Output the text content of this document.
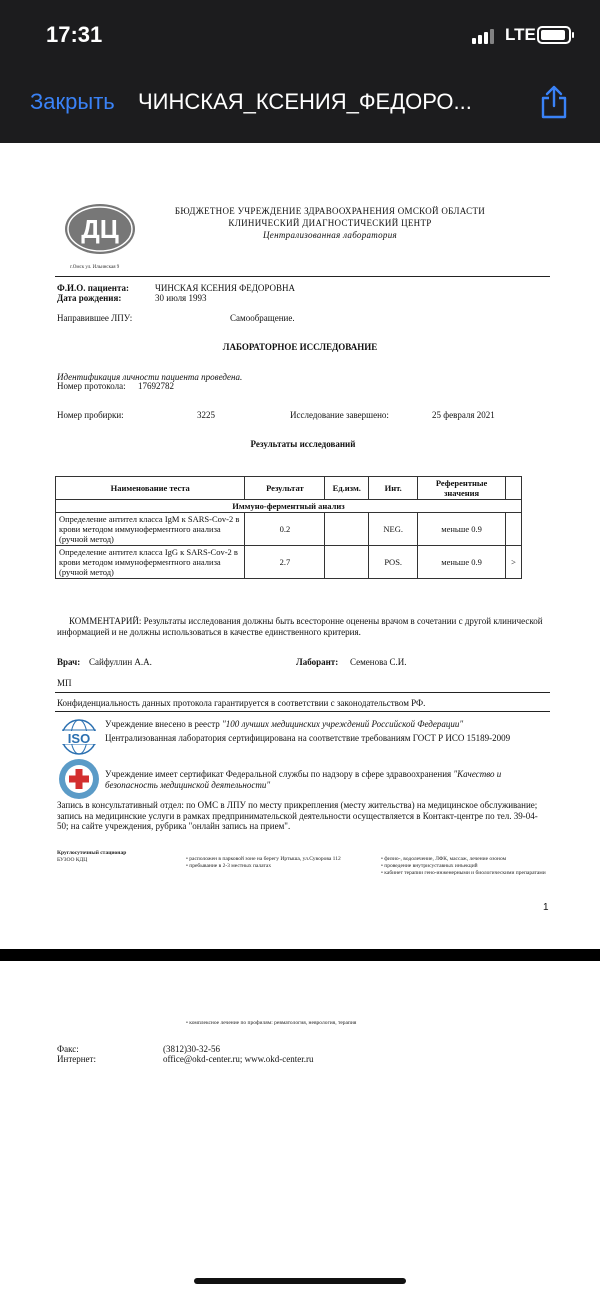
17:31	LTE
Закрыть ЧИНСКАЯ_КСЕНИЯ_ФЕДОРО...
ДЦ
г.Омск ул. Ильинская 9
БЮДЖЕТНОЕ УЧРЕЖДЕНИЕ ЗДРАВООХРАНЕНИЯ ОМСКОЙ ОБЛАСТИ
КЛИНИЧЕСКИЙ ДИАГНОСТИЧЕСКИЙ ЦЕНТР
Централизованная лаборатория
Ф.И.О. пациента:	ЧИНСКАЯ КСЕНИЯ ФЕДОРОВНА
Дата рождения:	30 июля 1993
Направившее ЛПУ:	Самообращение.
ЛАБОРАТОРНОЕ ИССЛЕДОВАНИЕ
Идентификация личности пациента проведена.
Номер протокола: 17692782
Номер пробирки:	3225	Исследование завершено:	25 февраля 2021
Результаты исследований
Наименование теста	Результат	Ед.изм.	Инт.	Референтные значения	
Иммуно-ферментный анализ					
Определение антител класса IgM к SARS-Cov-2 в крови методом иммуноферментного анализа (ручной метод)	0.2		NEG.	меньше 0.9	
Определение антител класса IgG к SARS-Cov-2 в крови методом иммуноферментного анализа (ручной метод)	2.7		POS.	меньше 0.9	>
КОММЕНТАРИЙ: Результаты исследования должны быть всесторонне оценены врачом в сочетании с другой клинической информацией и не должны использоваться в качестве единственного критерия.
Врач: Сайфуллин А.А.	Лаборант: Семенова С.И.
МП
Конфиденциальность данных протокола гарантируется в соответствии с законодательством РФ.
ISO
Учреждение внесено в реестр "100 лучших медицинских учреждений Российской Федерации"
Централизованная лаборатория сертифицирована на соответствие требованиям ГОСТ Р ИСО 15189-2009
Учреждение имеет сертификат Федеральной службы по надзору в сфере здравоохранения "Качество и безопасность медицинской деятельности"
Запись в консультативный отдел: по ОМС в ЛПУ по месту прикрепления (месту жительства) на медицинское обслуживание; запись на медицинские услуги в рамках предпринимательской деятельности осуществляется в Контакт-центре по тел. 39-04-50; на сайте учреждения, рубрика "онлайн запись на прием".
Круглосуточный стационар
БУЗОО КДЦ	• расположен в парковой зоне на берегу Иртыша, ул.Суворова 112
• пребывание в 2-3 местных палатах
• физио-, водолечение, ЛФК, массаж, лечение озоном
• проведение внутрисуставных инъекций
• кабинет терапии гено-инженерными и биологическими препаратами
1
• комплексное лечение по профилям: ревматология, неврология, терапия
Факс:	(3812)30-32-56
Интернет:	office@okd-center.ru; www.okd-center.ru
